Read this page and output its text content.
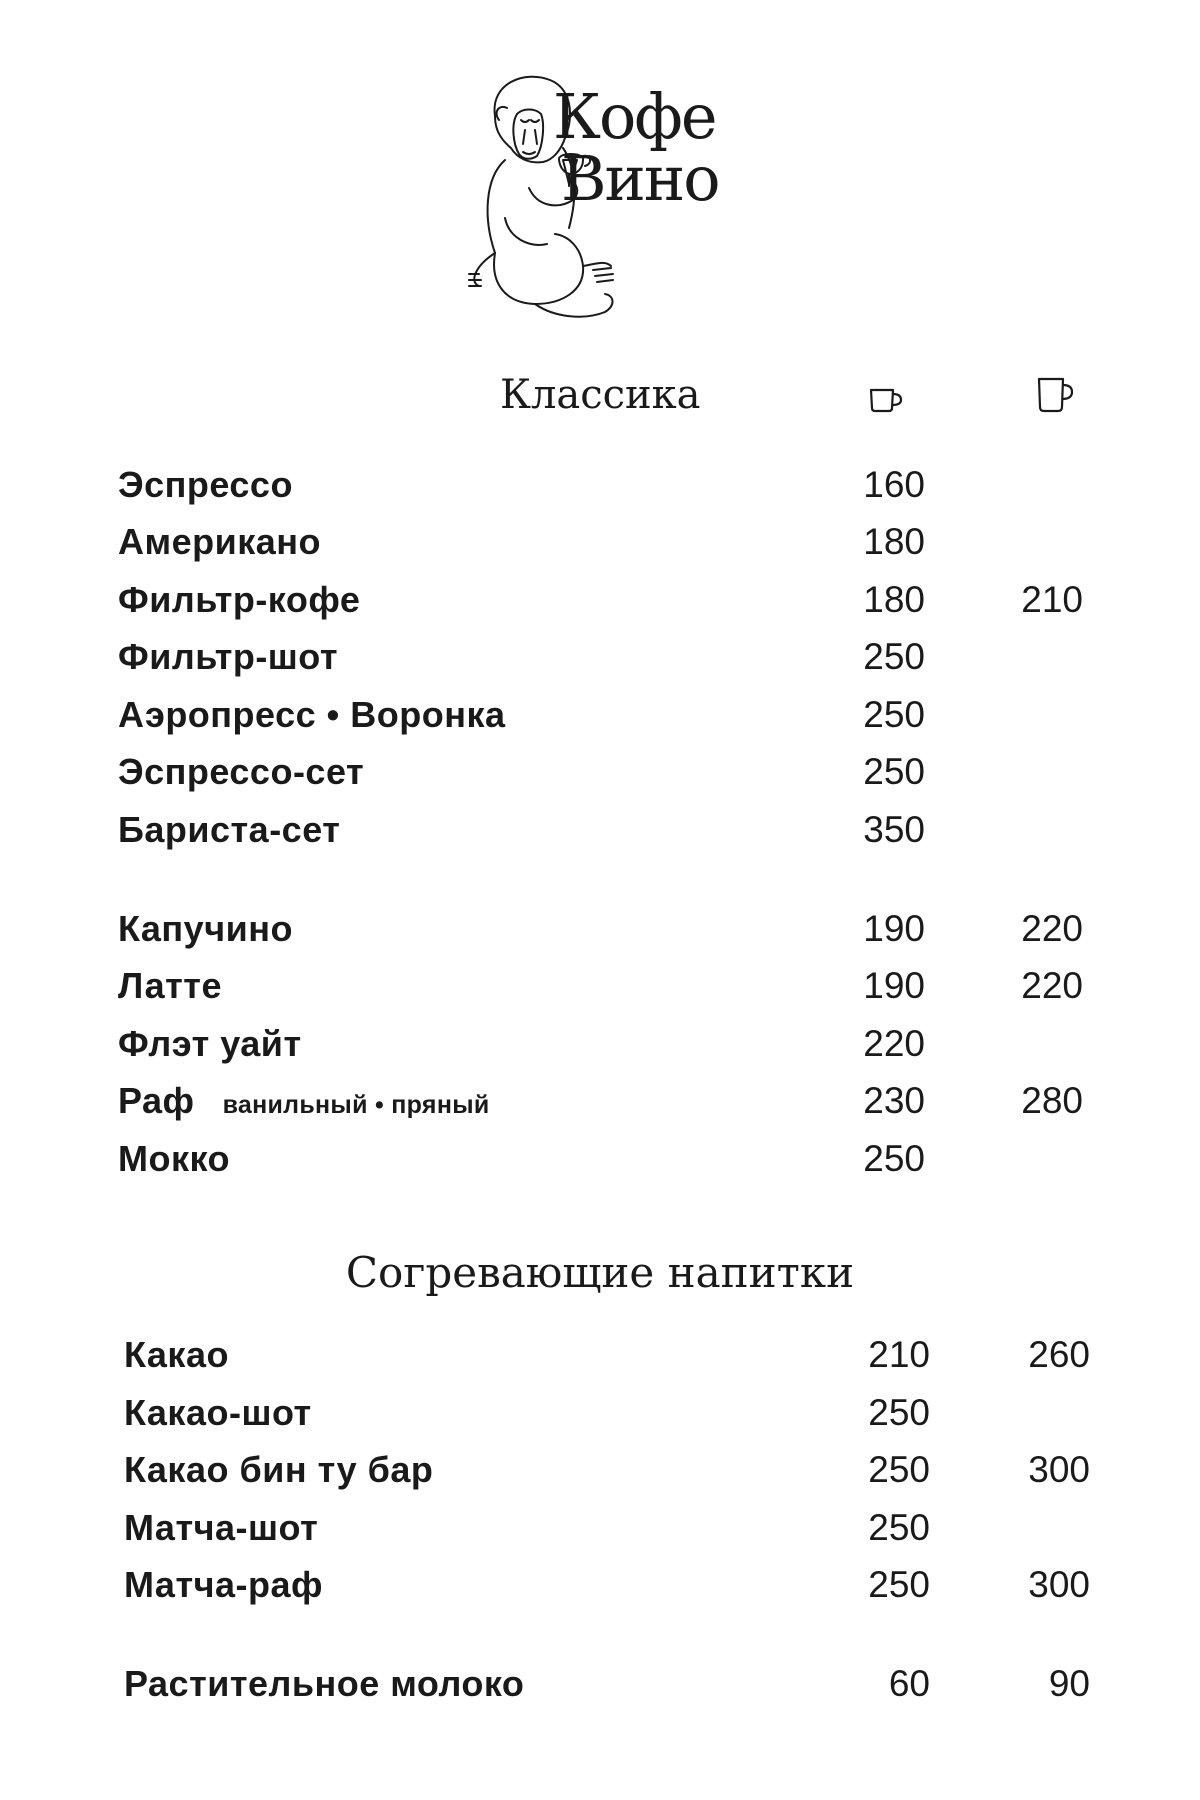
Кофе
Вино
Классика
Эспрессо	160
Американо	180
Фильтр-кофе	180	210
Фильтр-шот	250
Аэропресс • Воронка	250
Эспрессо-сет	250
Бариста-сет	350
Капучино	190	220
Латте	190	220
Флэт уайт	220
Раф ванильный • пряный	230	280
Мокко	250
Согревающие напитки
Какао	210	260
Какао-шот	250
Какао бин ту бар	250	300
Матча-шот	250
Матча-раф	250	300
Растительное молоко	60	90
